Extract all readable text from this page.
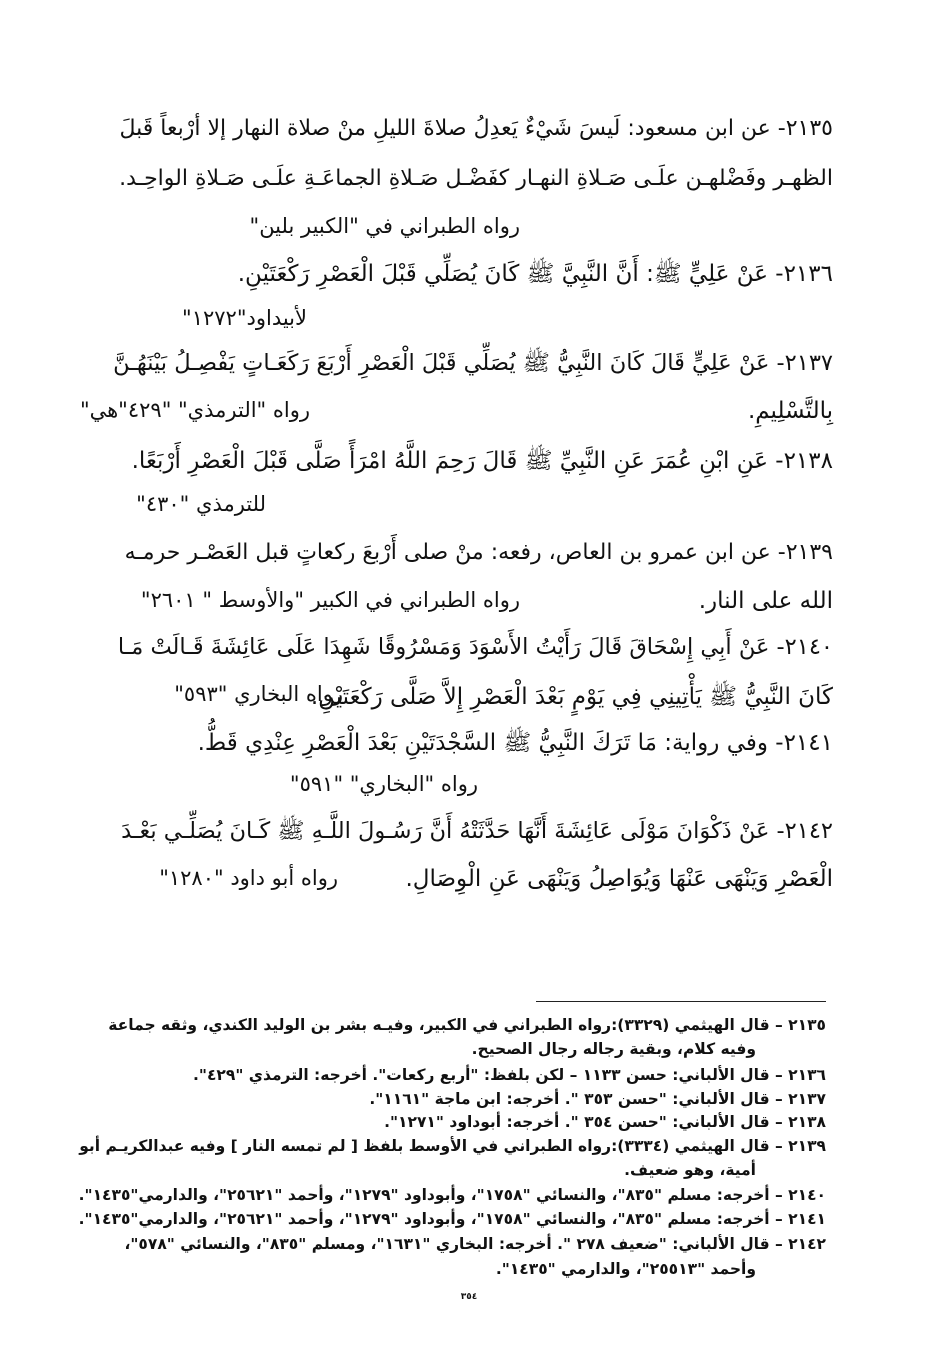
٢١٣٥- عن ابن مسعود: لَيسَ شَيْءٌ يَعدِلُ صلاةَ الليلِ منْ صلاة النهار إلا أرْبعاً قَبلَ
الظهـر وفَضْلهـن علَـى صَـلاةِ النهـار كفَضْـل صَـلاةِ الجماعَـةِ علَـى صَـلاةِ الواحِـد.
رواه الطبراني في "الكبير بلين"
٢١٣٦- عَنْ عَلِيٍّ ﷺ: أَنَّ النَّبِيَّ ﷺ كَانَ يُصَلِّي قَبْلَ الْعَصْرِ رَكْعَتَيْنِ.
لأبيداود"١٢٧٢"
٢١٣٧- عَنْ عَلِيٍّ قَالَ كَانَ النَّبِيُّ ﷺ يُصَلِّي قَبْلَ الْعَصْرِ أَرْبَعَ رَكَعَـاتٍ يَفْصِـلُ بَيْنَهُـنَّ
بِالتَّسْلِيمِ.
رواه "الترمذي" "٤٢٩"هي"
٢١٣٨- عَنِ ابْنِ عُمَرَ عَنِ النَّبِيِّ ﷺ قَالَ رَحِمَ اللَّهُ امْرَأً صَلَّى قَبْلَ الْعَصْرِ أَرْبَعًا.
للترمذي "٤٣٠"
٢١٣٩- عن ابن عمرو بن العاص، رفعه: منْ صلى أَرْبعَ ركعاتٍ قبل العَصْـر حرمـه
الله على النار.
رواه الطبراني في الكبير "والأوسط " ٢٦٠١"
٢١٤٠- عَنْ أَبِي إِسْحَاقَ قَالَ رَأَيْتُ الأَسْوَدَ وَمَسْرُوقًا شَهِدَا عَلَى عَائِشَةَ قَـالَتْ مَـا
كَانَ النَّبِيُّ ﷺ يَأْتِينِي فِي يَوْمٍ بَعْدَ الْعَصْرِ إِلاَّ صَلَّى رَكْعَتَيْنِ.
رواه البخاري "٥٩٣"
٢١٤١- وفي رواية: مَا تَرَكَ النَّبِيُّ ﷺ السَّجْدَتَيْنِ بَعْدَ الْعَصْرِ عِنْدِي قَطُّ.
رواه "البخاري" "٥٩١"
٢١٤٢- عَنْ ذَكْوَانَ مَوْلَى عَائِشَةَ أَنَّهَا حَدَّثَتْهُ أَنَّ رَسُـولَ اللَّـهِ ﷺ كَـانَ يُصَلِّـي بَعْـدَ
الْعَصْرِ وَيَنْهَى عَنْهَا وَيُوَاصِلُ وَيَنْهَى عَنِ الْوِصَالِ.
رواه أبو داود "١٢٨٠"
٢١٣٥ – قال الهيثمي (٣٣٢٩):رواه الطبراني في الكبير، وفيـه بشر بن الوليد الكندي، وثقه جماعة
وفيه كلام، وبقية رجاله رجال الصحيح.
٢١٣٦ – قال الألباني: حسن ١١٣٣ – لكن بلفظ: "أربع ركعات". أخرجه: الترمذي "٤٢٩".
٢١٣٧ – قال الألباني: "حسن ٣٥٣ ". أخرجه: ابن ماجة "١١٦١".
٢١٣٨ – قال الألباني: "حسن ٣٥٤ ". أخرجه: أبوداود "١٢٧١".
٢١٣٩ – قال الهيثمي (٣٣٣٤):رواه الطبراني في الأوسط بلفظ [ لم تمسه النار ] وفيه عبدالكريـم أبو
أمية، وهو ضعيف.
٢١٤٠ – أخرجه: مسلم "٨٣٥"، والنسائي "١٧٥٨"، وأبوداود "١٢٧٩"، وأحمد "٢٥٦٢١"، والدارمي"١٤٣٥".
٢١٤١ – أخرجه: مسلم "٨٣٥"، والنسائي "١٧٥٨"، وأبوداود "١٢٧٩"، وأحمد "٢٥٦٢١"، والدارمي"١٤٣٥".
٢١٤٢ – قال الألباني: "ضعيف ٢٧٨ ". أخرجه: البخاري "١٦٣١"، ومسلم "٨٣٥"، والنسائي "٥٧٨"،
وأحمد "٢٥٥١٣"، والدارمي "١٤٣٥".
٣٥٤
